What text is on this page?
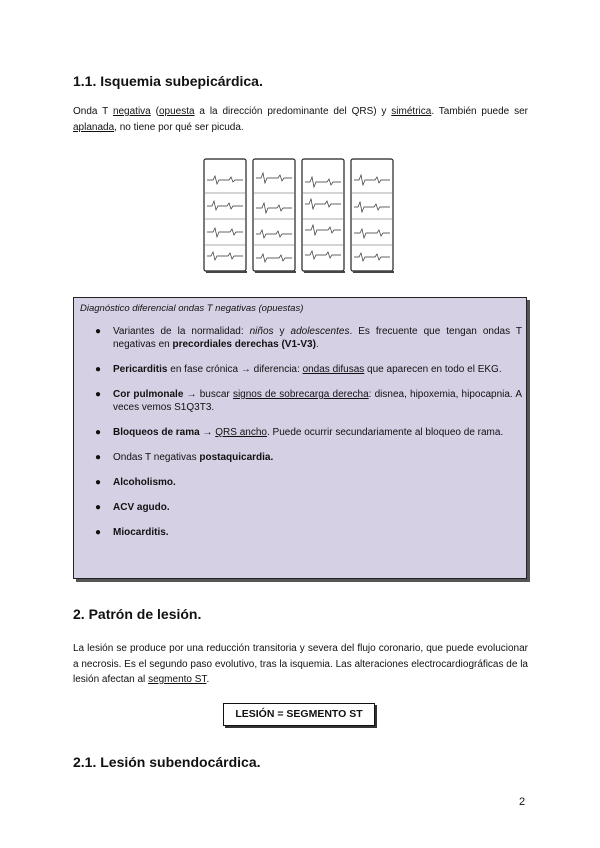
1.1. Isquemia subepicárdica.

Onda T negativa (opuesta a la dirección predominante del QRS) y simétrica. También puede ser aplanada, no tiene por qué ser picuda.

Diagnóstico diferencial ondas T negativas (opuestas)

● Variantes de la normalidad: niños y adolescentes. Es frecuente que tengan ondas T negativas en precordiales derechas (V1-V3).
● Pericarditis en fase crónica → diferencia: ondas difusas que aparecen en todo el EKG.
● Cor pulmonale → buscar signos de sobrecarga derecha: disnea, hipoxemia, hipocapnia. A veces vemos S1Q3T3.
● Bloqueos de rama → QRS ancho. Puede ocurrir secundariamente al bloqueo de rama.
● Ondas T negativas postaquicardia.
● Alcoholismo.
● ACV agudo.
● Miocarditis.
2. Patrón de lesión.

La lesión se produce por una reducción transitoria y severa del flujo coronario, que puede evolucionar a necrosis. Es el segundo paso evolutivo, tras la isquemia. Las alteraciones electrocardiográficas de la lesión afectan al segmento ST.

LESIÓN = SEGMENTO ST
2.1. Lesión subendocárdica.
2
